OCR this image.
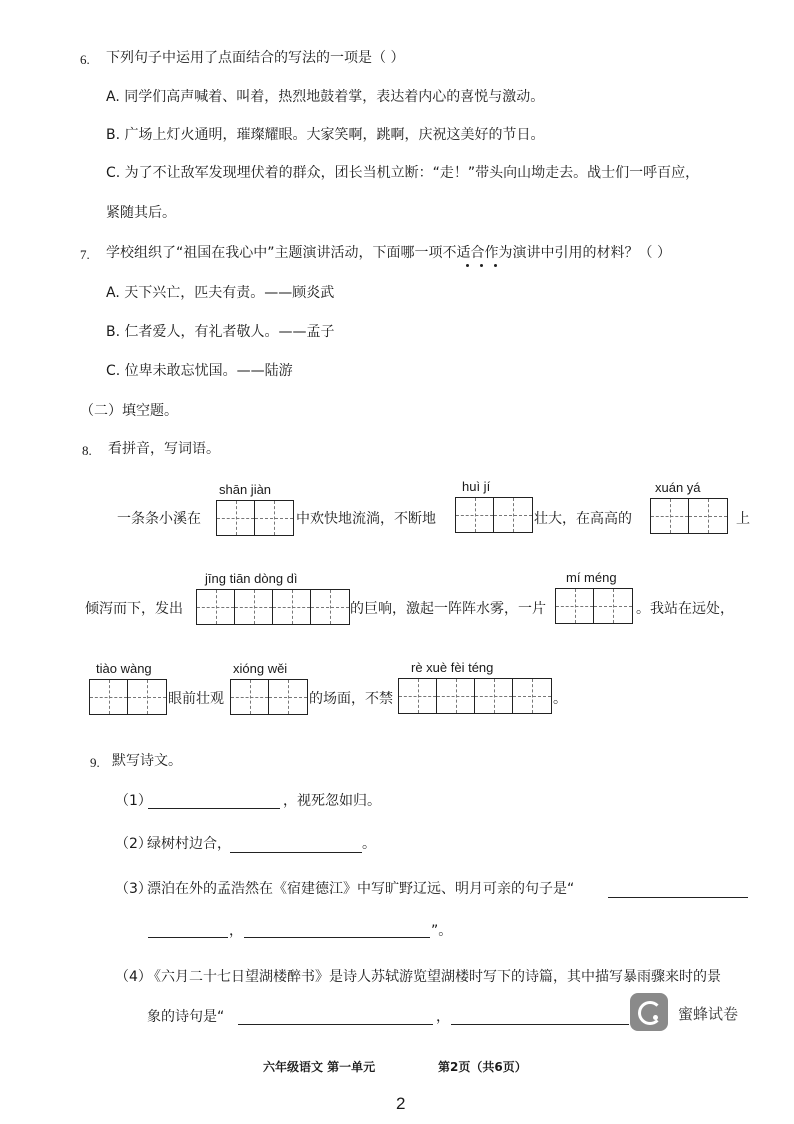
6. 下列句子中运用了点面结合的写法的一项是（ ）
A. 同学们高声喊着、叫着，热烈地鼓着掌，表达着内心的喜悦与激动。
B. 广场上灯火通明，璀璨耀眼。大家笑啊，跳啊，庆祝这美好的节日。
C. 为了不让敌军发现埋伏着的群众，团长当机立断：“走！”带头向山坳走去。战士们一呼百应，
紧随其后。
7. 学校组织了“祖国在我心中”主题演讲活动，下面哪一项不适合作为演讲中引用的材料？（ ）
A. 天下兴亡，匹夫有责。——顾炎武
B. 仁者爱人，有礼者敬人。——孟子
C. 位卑未敢忘忧国。——陆游
（二）填空题。
8. 看拼音，写词语。
一条条小溪在
shān jiàn
中欢快地流淌，不断地
huì jí
壮大，在高高的
xuán yá
上
倾泻而下，发出
jīng tiān dòng dì
的巨响，激起一阵阵水雾，一片
mí méng
。我站在远处，
tiào wàng
眼前壮观
xióng wěi
的场面，不禁
rè xuè fèi téng
。
9. 默写诗文。
（1）	，视死忽如归。
（2）
绿树村边合，	。
（3）
漂泊在外的孟浩然在《宿建德江》中写旷野辽远、明月可亲的句子是“
，	”。
（4）
《六月二十七日望湖楼醉书》是诗人苏轼游览望湖楼时写下的诗篇，其中描写暴雨骤来时的景
象的诗句是“	，	蜜蜂试卷
六年级语文 第一单元	第2页（共6页）
2
